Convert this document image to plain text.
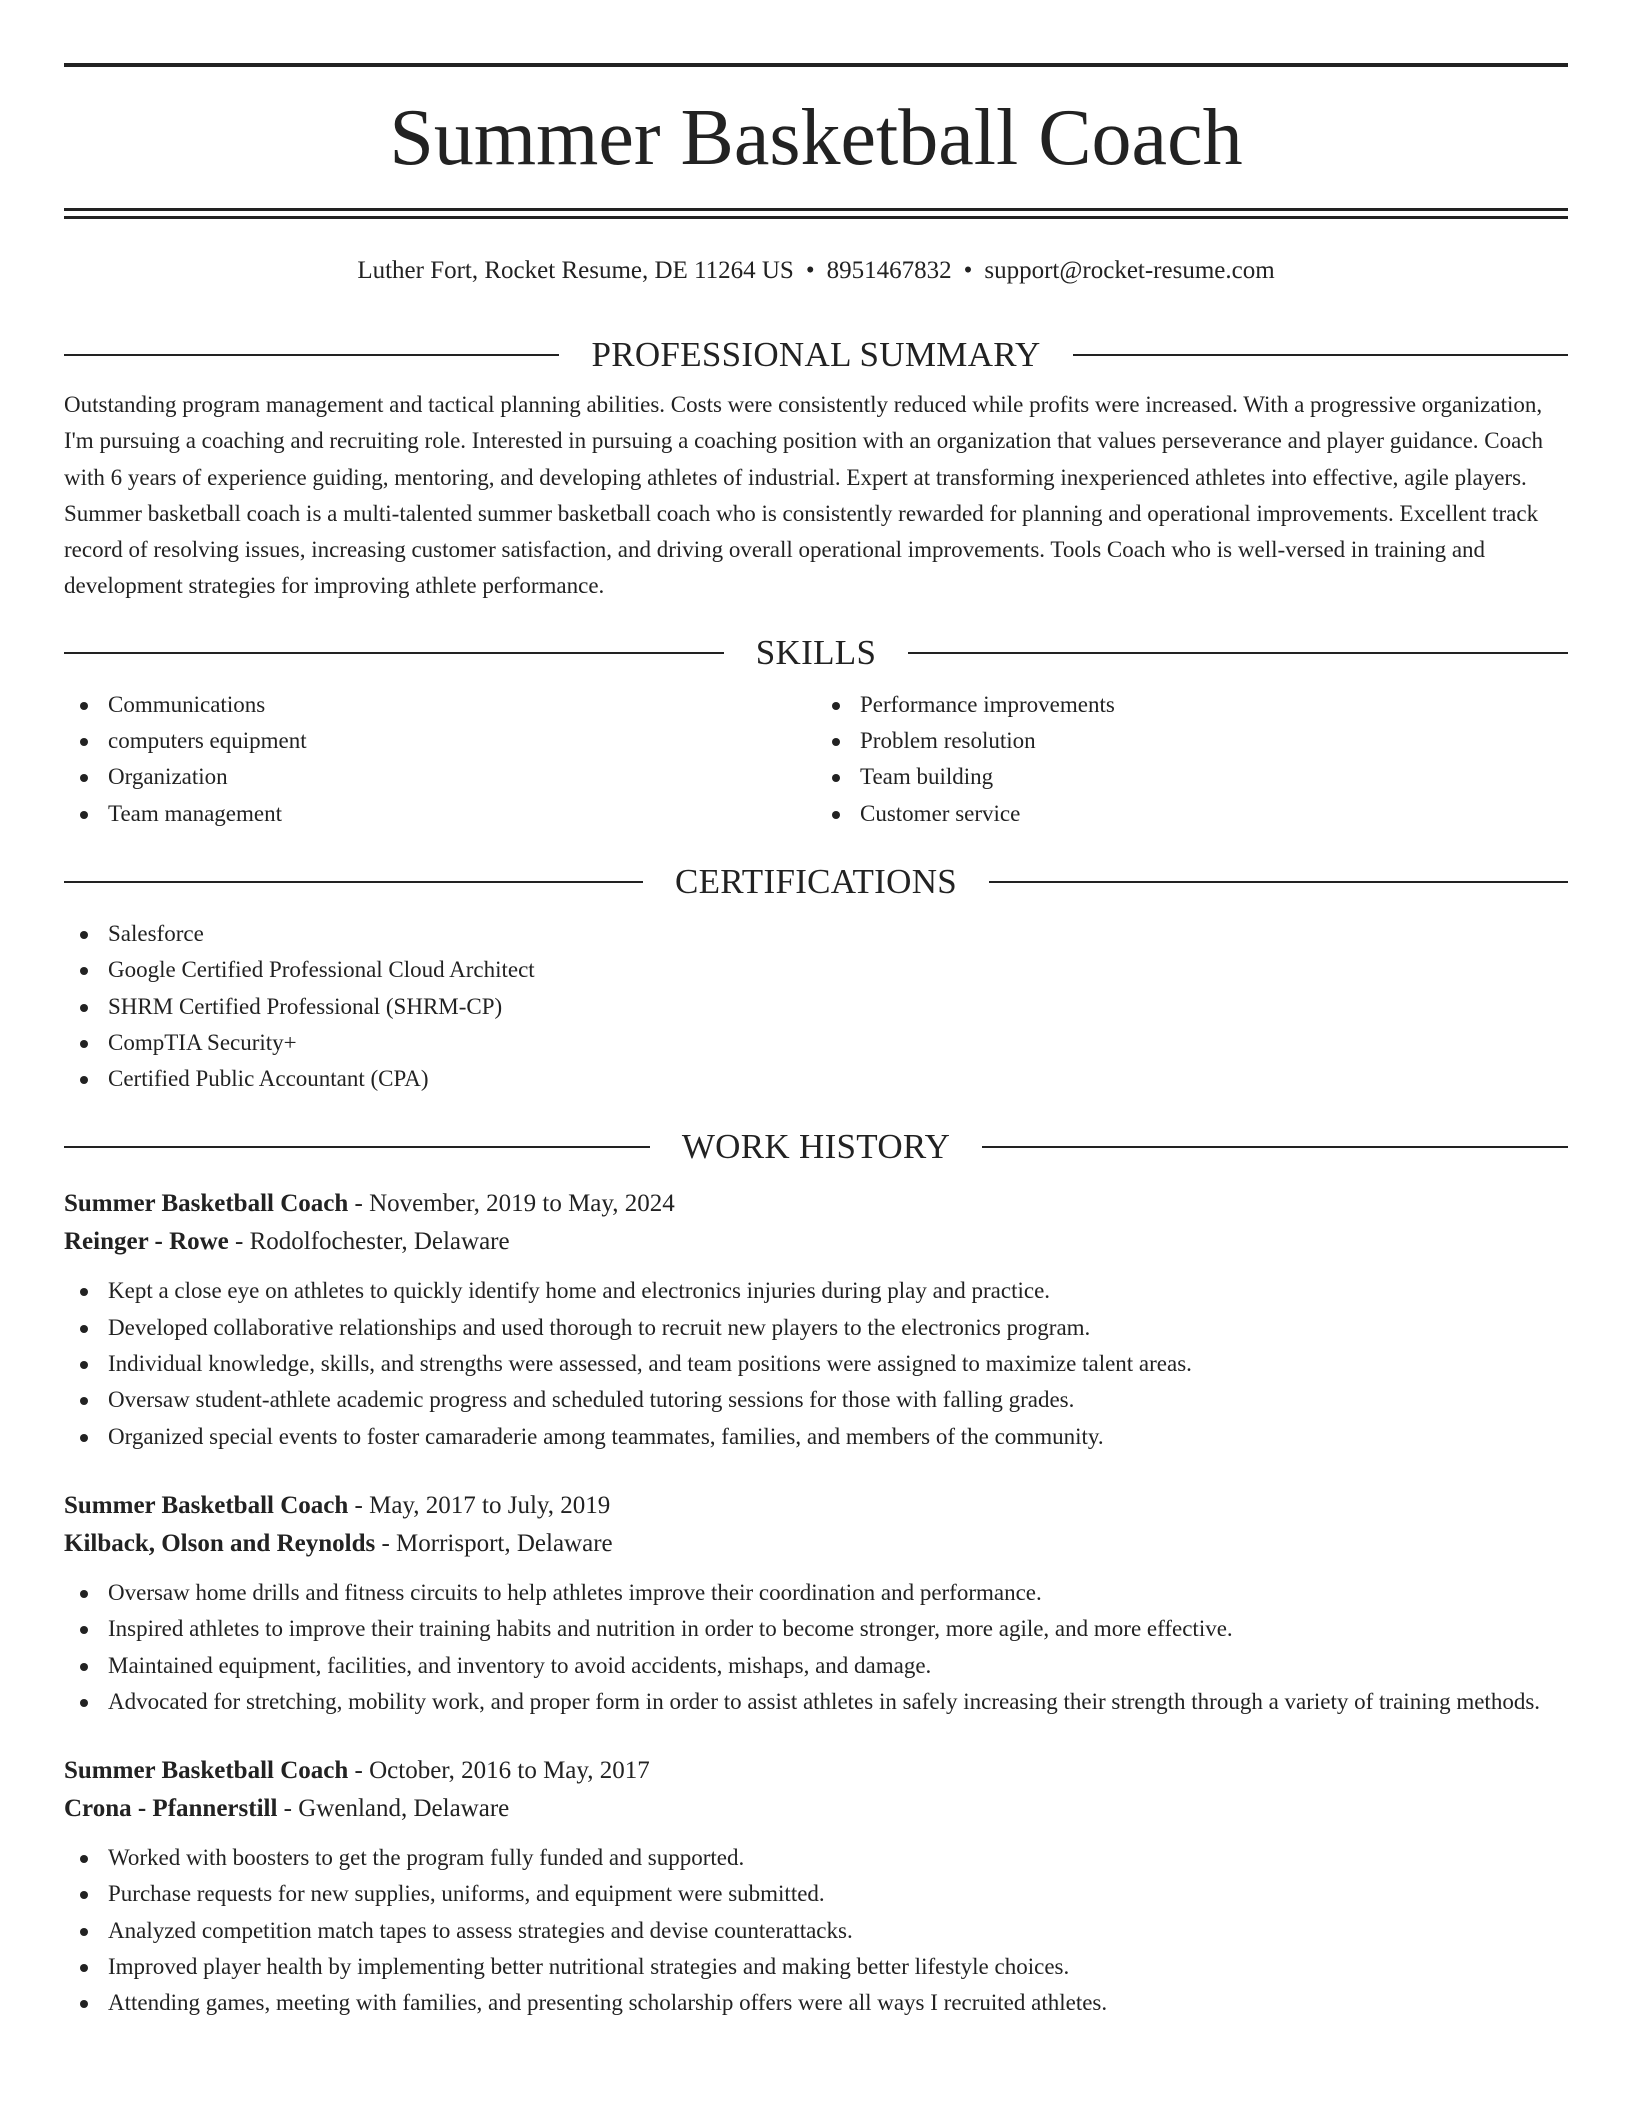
Summer Basketball Coach
Luther Fort, Rocket Resume, DE 11264 US • 8951467832 • support@rocket-resume.com
PROFESSIONAL SUMMARY

Outstanding program management and tactical planning abilities. Costs were consistently reduced while profits were increased. With a progressive organization, I'm pursuing a coaching and recruiting role. Interested in pursuing a coaching position with an organization that values perseverance and player guidance. Coach with 6 years of experience guiding, mentoring, and developing athletes of industrial. Expert at transforming inexperienced athletes into effective, agile players. Summer basketball coach is a multi-talented summer basketball coach who is consistently rewarded for planning and operational improvements. Excellent track record of resolving issues, increasing customer satisfaction, and driving overall operational improvements. Tools Coach who is well-versed in training and development strategies for improving athlete performance.

SKILLS
Communications
computers equipment
Organization
Team management
Performance improvements
Problem resolution
Team building
Customer service
CERTIFICATIONS
Salesforce
Google Certified Professional Cloud Architect
SHRM Certified Professional (SHRM-CP)
CompTIA Security+
Certified Public Accountant (CPA)
WORK HISTORY
Summer Basketball Coach - November, 2019 to May, 2024
Reinger - Rowe - Rodolfochester, Delaware
Kept a close eye on athletes to quickly identify home and electronics injuries during play and practice.
Developed collaborative relationships and used thorough to recruit new players to the electronics program.
Individual knowledge, skills, and strengths were assessed, and team positions were assigned to maximize talent areas.
Oversaw student-athlete academic progress and scheduled tutoring sessions for those with falling grades.
Organized special events to foster camaraderie among teammates, families, and members of the community.
Summer Basketball Coach - May, 2017 to July, 2019
Kilback, Olson and Reynolds - Morrisport, Delaware
Oversaw home drills and fitness circuits to help athletes improve their coordination and performance.
Inspired athletes to improve their training habits and nutrition in order to become stronger, more agile, and more effective.
Maintained equipment, facilities, and inventory to avoid accidents, mishaps, and damage.
Advocated for stretching, mobility work, and proper form in order to assist athletes in safely increasing their strength through a variety of training methods.
Summer Basketball Coach - October, 2016 to May, 2017
Crona - Pfannerstill - Gwenland, Delaware
Worked with boosters to get the program fully funded and supported.
Purchase requests for new supplies, uniforms, and equipment were submitted.
Analyzed competition match tapes to assess strategies and devise counterattacks.
Improved player health by implementing better nutritional strategies and making better lifestyle choices.
Attending games, meeting with families, and presenting scholarship offers were all ways I recruited athletes.
